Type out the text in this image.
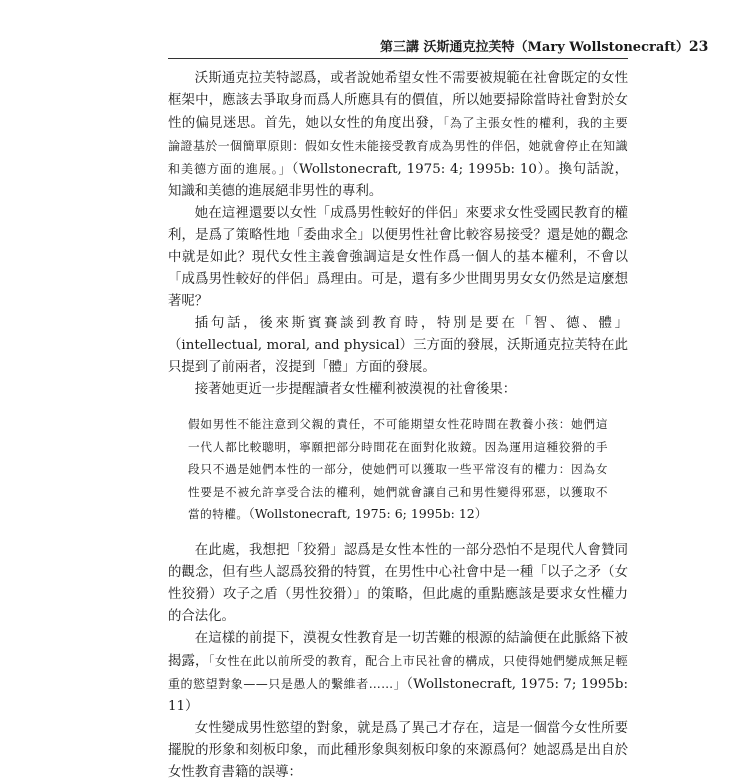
第三講 沃斯通克拉芙特（Mary Wollstonecraft） 23

沃斯通克拉芙特認爲，或者說她希望女性不需要被規範在社會既定的女性框架中，應該去爭取身而爲人所應具有的價值，所以她要掃除當時社會對於女性的偏見迷思。首先，她以女性的角度出發，「為了主張女性的權利，我的主要論證基於一個簡單原則：假如女性未能接受教育成為男性的伴侶，她就會停止在知識和美德方面的進展。」（Wollstonecraft, 1975: 4; 1995b: 10）。換句話說，知識和美德的進展絕非男性的專利。

她在這裡還要以女性「成爲男性較好的伴侶」來要求女性受國民教育的權利，是爲了策略性地「委曲求全」以便男性社會比較容易接受？還是她的觀念中就是如此？現代女性主義會強調這是女性作爲一個人的基本權利，不會以「成爲男性較好的伴侶」爲理由。可是，還有多少世間男男女女仍然是這麼想著呢？

插句話，後來斯賓賽談到教育時，特別是要在「智、德、體」（intellectual, moral, and physical）三方面的發展，沃斯通克拉芙特在此只提到了前兩者，沒提到「體」方面的發展。

接著她更近一步提醒讀者女性權利被漠視的社會後果：

假如男性不能注意到父親的責任，不可能期望女性花時間在教養小孩：她們這一代人都比較聰明，寧願把部分時間花在面對化妝鏡。因為運用這種狡猾的手段只不過是她們本性的一部分，使她們可以獲取一些平常沒有的權力：因為女性要是不被允許享受合法的權利，她們就會讓自己和男性變得邪惡，以獲取不當的特權。（Wollstonecraft, 1975: 6; 1995b: 12）

在此處，我想把「狡猾」認爲是女性本性的一部分恐怕不是現代人會贊同的觀念，但有些人認爲狡猾的特質，在男性中心社會中是一種「以子之矛（女性狡猾）攻子之盾（男性狡猾）」的策略，但此處的重點應該是要求女性權力的合法化。

在這樣的前提下，漠視女性教育是一切苦難的根源的結論便在此脈絡下被揭露，「女性在此以前所受的教育，配合上市民社會的構成，只使得她們變成無足輕重的慾望對象——只是愚人的繫維者……」（Wollstonecraft, 1975: 7; 1995b: 11）

女性變成男性慾望的對象，就是爲了異己才存在，這是一個當今女性所要擺脫的形象和刻板印象，而此種形象與刻板印象的來源爲何？她認爲是出自於女性教育書籍的誤導：
